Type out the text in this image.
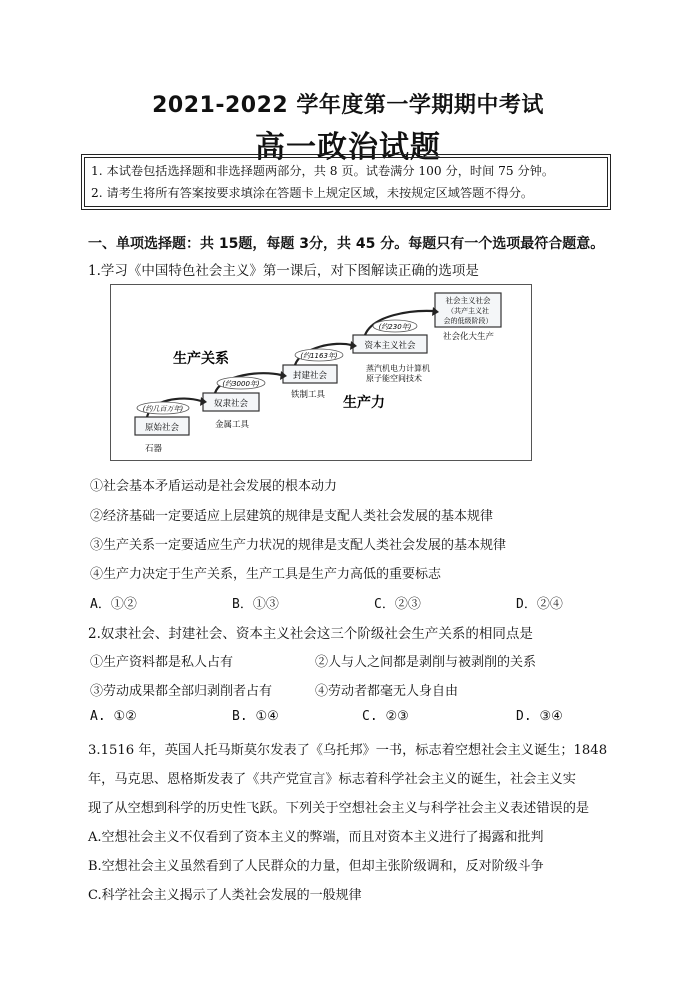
2021-2022 学年度第一学期期中考试
高一政治试题
1. 本试卷包括选择题和非选择题两部分，共 8 页。试卷满分 100 分，时间 75 分钟。
2. 请考生将所有答案按要求填涂在答题卡上规定区域，未按规定区域答题不得分。
一、单项选择题：共 15题，每题 3分，共 45 分。每题只有一个选项最符合题意。
1.学习《中国特色社会主义》第一课后，对下图解读正确的选项是
原始社会
奴隶社会
封建社会
资本主义社会
社会主义社会
（共产主义社
会的低级阶段）
(约几百万年)
(约3000年)
(约1163年)
(约230年)
生产关系
生产力
石器
金属工具
铁制工具
蒸汽机电力计算机
原子能空间技术
社会化大生产
①社会基本矛盾运动是社会发展的根本动力
②经济基础一定要适应上层建筑的规律是支配人类社会发展的基本规律
③生产关系一定要适应生产力状况的规律是支配人类社会发展的基本规律
④生产力决定于生产关系，生产工具是生产力高低的重要标志
A．①②	B．①③	C．②③	D．②④
2.奴隶社会、封建社会、资本主义社会这三个阶级社会生产关系的相同点是
①生产资料都是私人占有	②人与人之间都是剥削与被剥削的关系
③劳动成果都全部归剥削者占有	④劳动者都毫无人身自由
A. ①②	B. ①④	C. ②③	D. ③④
3.1516 年，英国人托马斯莫尔发表了《乌托邦》一书，标志着空想社会主义诞生；1848
年，马克思、恩格斯发表了《共产党宣言》标志着科学社会主义的诞生，社会主义实
现了从空想到科学的历史性飞跃。下列关于空想社会主义与科学社会主义表述错误的是
A.空想社会主义不仅看到了资本主义的弊端，而且对资本主义进行了揭露和批判
B.空想社会主义虽然看到了人民群众的力量，但却主张阶级调和，反对阶级斗争
C.科学社会主义揭示了人类社会发展的一般规律
